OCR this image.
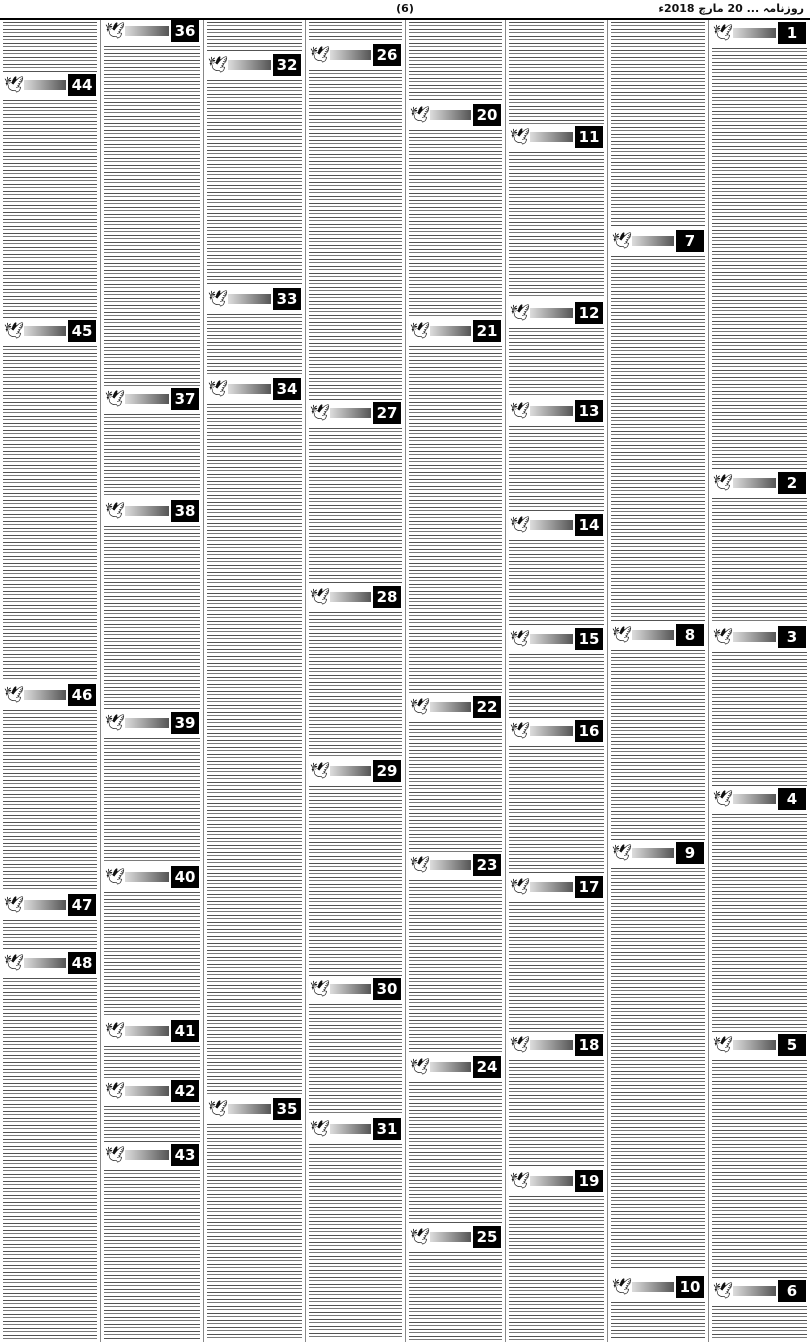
(6)	روزنامہ ... 20 مارچ 2018ء
🕊	1
🕊	2
🕊	3
🕊	4
🕊	5
🕊	6
🕊	7
🕊	8
🕊	9
🕊	10
🕊	11
🕊	12
🕊	13
🕊	14
🕊	15
🕊	16
🕊	17
🕊	18
🕊	19
🕊	20
🕊	21
🕊	22
🕊	23
🕊	24
🕊	25
🕊	26
🕊	27
🕊	28
🕊	29
🕊	30
🕊	31
🕊	32
🕊	33
🕊	34
🕊	35
🕊	36
🕊	37
🕊	38
🕊	39
🕊	40
🕊	41
🕊	42
🕊	43
🕊	44
🕊	45
🕊	46
🕊	47
🕊	48
